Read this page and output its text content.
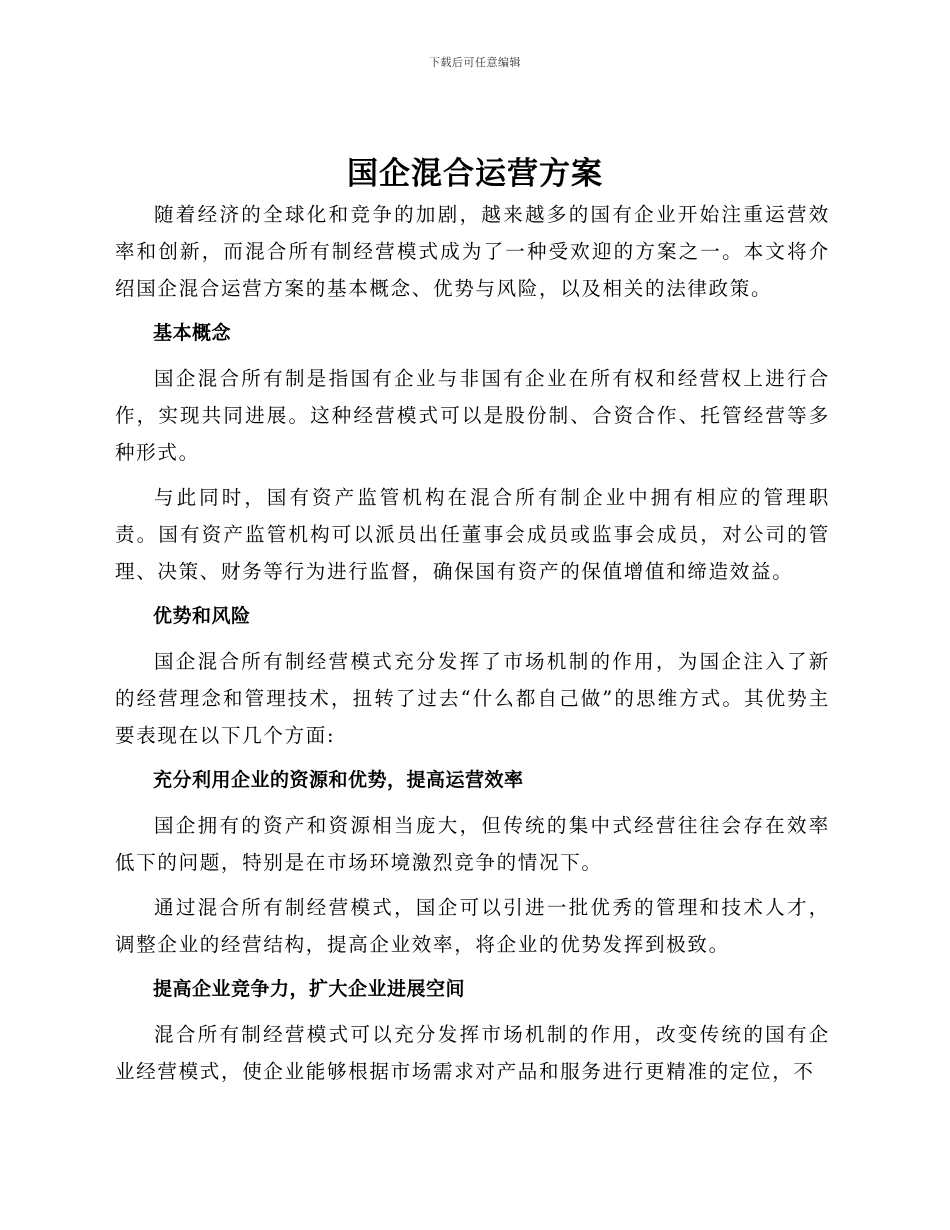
下载后可任意编辑
国企混合运营方案

随着经济的全球化和竞争的加剧，越来越多的国有企业开始注重运营效率和创新，而混合所有制经营模式成为了一种受欢迎的方案之一。本文将介绍国企混合运营方案的基本概念、优势与风险，以及相关的法律政策。

基本概念

国企混合所有制是指国有企业与非国有企业在所有权和经营权上进行合作，实现共同进展。这种经营模式可以是股份制、合资合作、托管经营等多种形式。

与此同时，国有资产监管机构在混合所有制企业中拥有相应的管理职责。国有资产监管机构可以派员出任董事会成员或监事会成员，对公司的管理、决策、财务等行为进行监督，确保国有资产的保值增值和缔造效益。

优势和风险

国企混合所有制经营模式充分发挥了市场机制的作用，为国企注入了新的经营理念和管理技术，扭转了过去“什么都自己做”的思维方式。其优势主要表现在以下几个方面:

充分利用企业的资源和优势，提高运营效率

国企拥有的资产和资源相当庞大，但传统的集中式经营往往会存在效率低下的问题，特别是在市场环境激烈竞争的情况下。

通过混合所有制经营模式，国企可以引进一批优秀的管理和技术人才，调整企业的经营结构，提高企业效率，将企业的优势发挥到极致。

提高企业竞争力，扩大企业进展空间

混合所有制经营模式可以充分发挥市场机制的作用，改变传统的国有企业经营模式，使企业能够根据市场需求对产品和服务进行更精准的定位，不
